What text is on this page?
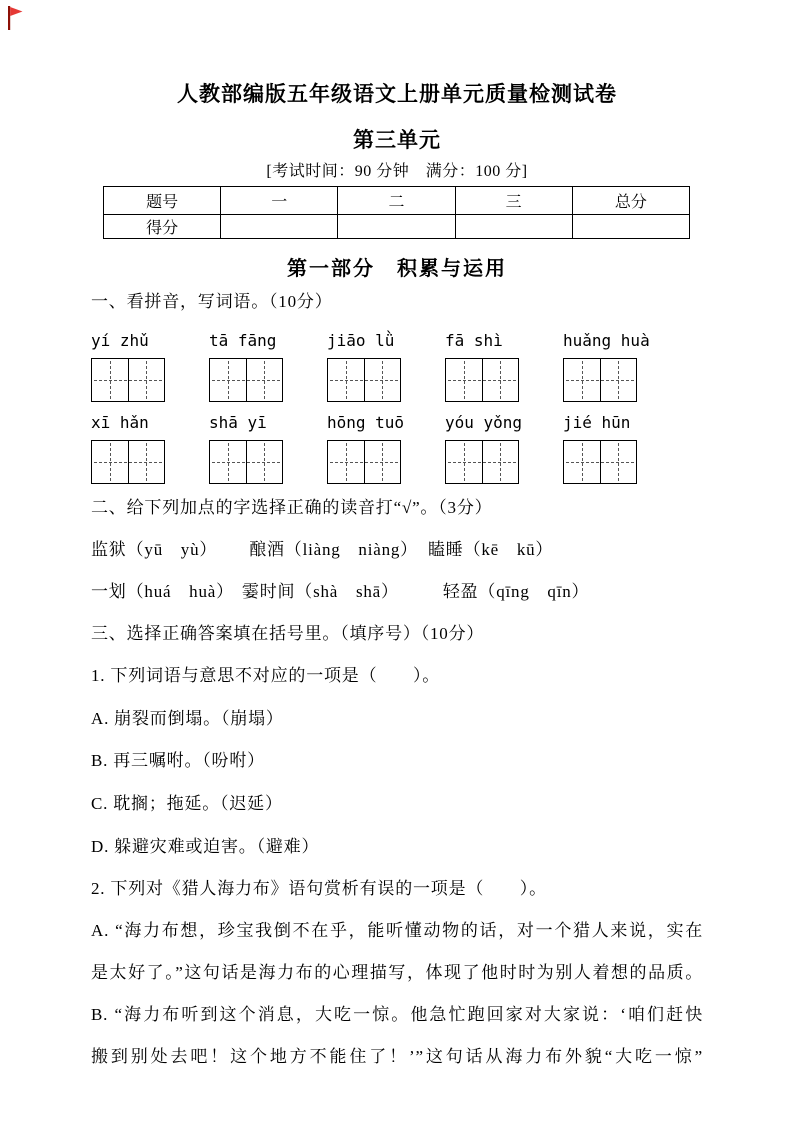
人教部编版五年级语文上册单元质量检测试卷
第三单元
[考试时间：90 分钟　满分：100 分]
题号	一	二	三	总分
得分				
第一部分　积累与运用
一、看拼音，写词语。（10分）
yí zhǔ	tā fāng	jiāo lǜ	fā shì	huǎng huà
xī hǎn	shā yī	hōng tuō	yóu yǒng	jié hūn
二、给下列加点的字选择正确的读音打“√”。（3分）
监狱（yū　yù） 酿酒（liàng　niàng） 瞌睡（kē　kū）
一划（huá　huà） 霎时间（shà　shā）	轻盈（qīng　qīn）
三、选择正确答案填在括号里。（填序号）（10分）
1. 下列词语与意思不对应的一项是（　　）。
A. 崩裂而倒塌。（崩塌）
B. 再三嘱咐。（吩咐）
C. 耽搁；拖延。（迟延）
D. 躲避灾难或迫害。（避难）
2. 下列对《猎人海力布》语句赏析有误的一项是（　　）。
A. “海力布想，珍宝我倒不在乎，能听懂动物的话，对一个猎人来说，实在
是太好了。”这句话是海力布的心理描写，体现了他时时为别人着想的品质。
B. “海力布听到这个消息，大吃一惊。他急忙跑回家对大家说：‘咱们赶快
搬到别处去吧！这个地方不能住了！’”这句话从海力布外貌“大吃一惊”
